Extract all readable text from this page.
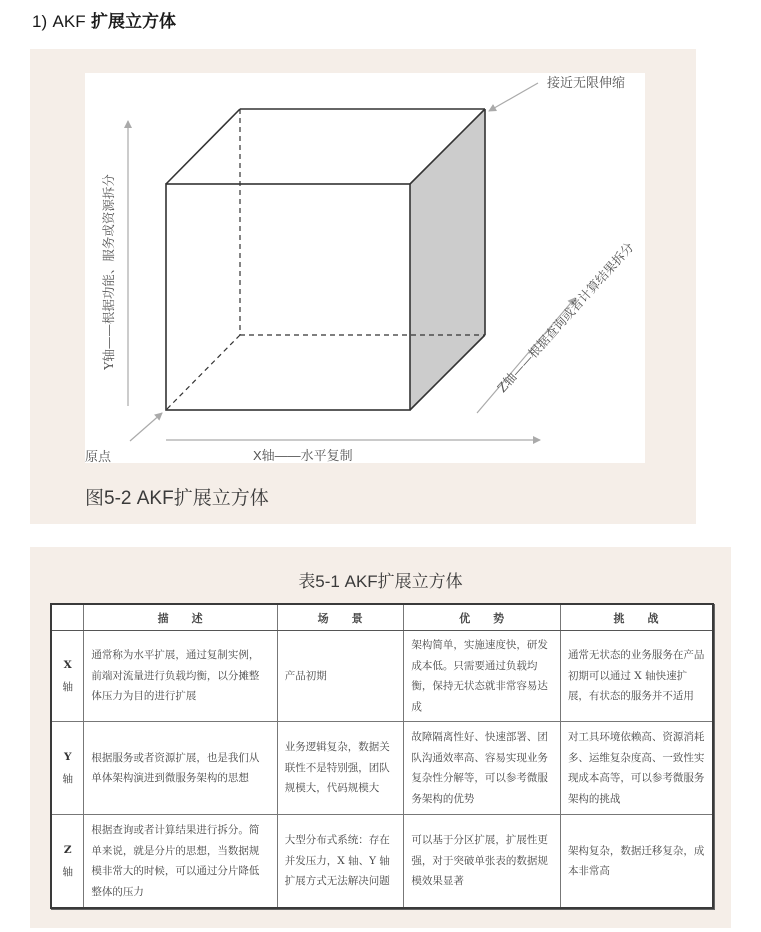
1) AKF 扩展立方体
接近无限伸缩
Y轴——根据功能、服务或资源拆分	Z轴——根据查询或者计算结果拆分
X轴——水平复制
原点
图5-2 AKF扩展立方体
表5-1 AKF扩展立方体
	描 述	场 景	优 势	挑 战

X
轴	通常称为水平扩展，通过复制实例，前端对流量进行负载均衡，以分摊整体压力为目的进行扩展	产品初期	架构简单，实施速度快，研发成本低。只需要通过负载均衡，保持无状态就非常容易达成	通常无状态的业务服务在产品初期可以通过 X 轴快速扩展，有状态的服务并不适用

Y
轴	根据服务或者资源扩展，也是我们从单体架构演进到微服务架构的思想	业务逻辑复杂，数据关联性不是特别强，团队规模大，代码规模大	故障隔离性好、快速部署、团队沟通效率高、容易实现业务复杂性分解等，可以参考微服务架构的优势	对工具环境依赖高、资源消耗多、运维复杂度高、一致性实现成本高等，可以参考微服务架构的挑战

Z
轴	根据查询或者计算结果进行拆分。简单来说，就是分片的思想，当数据规模非常大的时候，可以通过分片降低整体的压力	大型分布式系统：存在并发压力，X 轴、Y 轴扩展方式无法解决问题	可以基于分区扩展，扩展性更强，对于突破单张表的数据规模效果显著	架构复杂，数据迁移复杂，成本非常高
